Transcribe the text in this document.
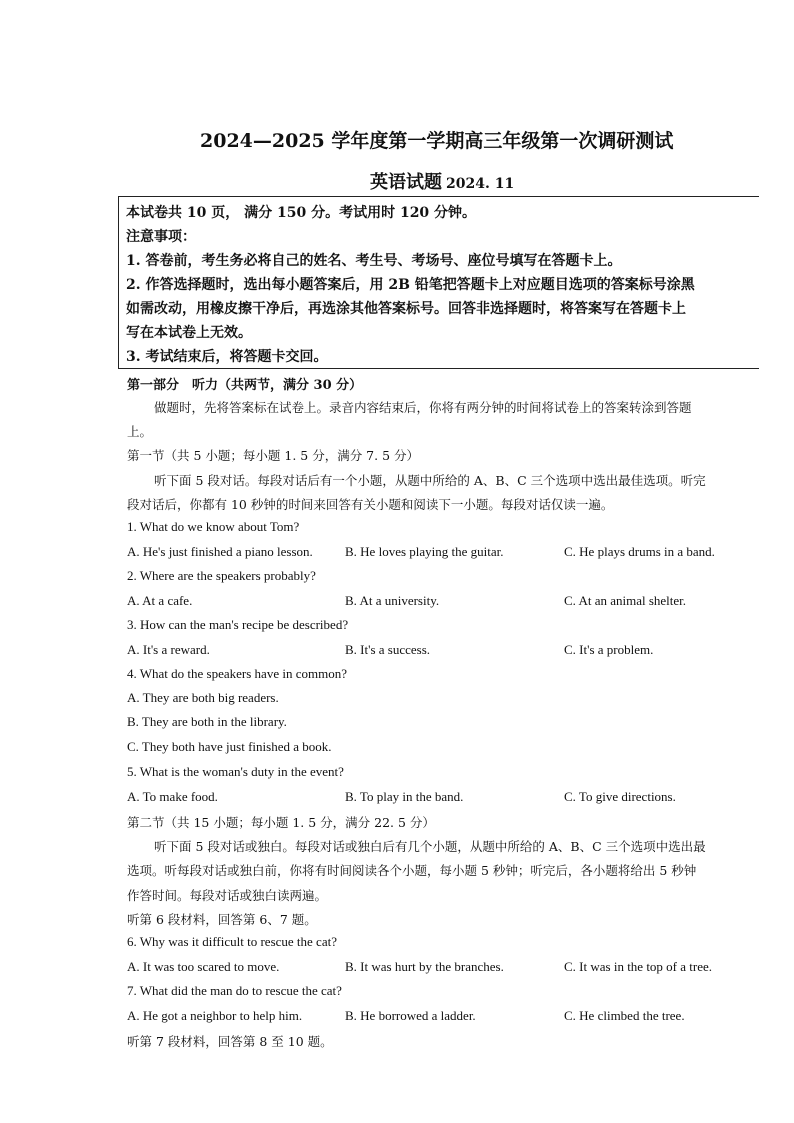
2024—2025 学年度第一学期高三年级第一次调研测试
英语试题 2024. 11
本试卷共 10 页， 满分 150 分。考试用时 120 分钟。
注意事项：
1. 答卷前，考生务必将自己的姓名、考生号、考场号、座位号填写在答题卡上。
2. 作答选择题时，选出每小题答案后，用 2B 铅笔把答题卡上对应题目选项的答案标号涂黑
如需改动，用橡皮擦干净后，再选涂其他答案标号。回答非选择题时，将答案写在答题卡上
写在本试卷上无效。
3. 考试结束后，将答题卡交回。
第一部分　听力（共两节，满分 30 分）
做题时，先将答案标在试卷上。录音内容结束后，你将有两分钟的时间将试卷上的答案转涂到答题
上。
第一节（共 5 小题；每小题 1. 5 分，满分 7. 5 分）
听下面 5 段对话。每段对话后有一个小题，从题中所给的 A、B、C 三个选项中选出最佳选项。听完
段对话后，你都有 10 秒钟的时间来回答有关小题和阅读下一小题。每段对话仅读一遍。
1. What do we know about Tom?
A. He's just finished a piano lesson. B. He loves playing the guitar.	C. He plays drums in a band.
2. Where are the speakers probably?
A. At a cafe.	B. At a university.	C. At an animal shelter.
3. How can the man's recipe be described?
A. It's a reward.	B. It's a success.	C. It's a problem.
4. What do the speakers have in common?
A. They are both big readers.
B. They are both in the library.
C. They both have just finished a book.
5. What is the woman's duty in the event?
A. To make food.	B. To play in the band.	C. To give directions.
第二节（共 15 小题；每小题 1. 5 分，满分 22. 5 分）
听下面 5 段对话或独白。每段对话或独白后有几个小题，从题中所给的 A、B、C 三个选项中选出最
选项。听每段对话或独白前，你将有时间阅读各个小题，每小题 5 秒钟；听完后，各小题将给出 5 秒钟
作答时间。每段对话或独白读两遍。
听第 6 段材料，回答第 6、7 题。
6. Why was it difficult to rescue the cat?
A. It was too scared to move.	B. It was hurt by the branches.	C. It was in the top of a tree.
7. What did the man do to rescue the cat?
A. He got a neighbor to help him.	B. He borrowed a ladder.	C. He climbed the tree.
听第 7 段材料，回答第 8 至 10 题。
